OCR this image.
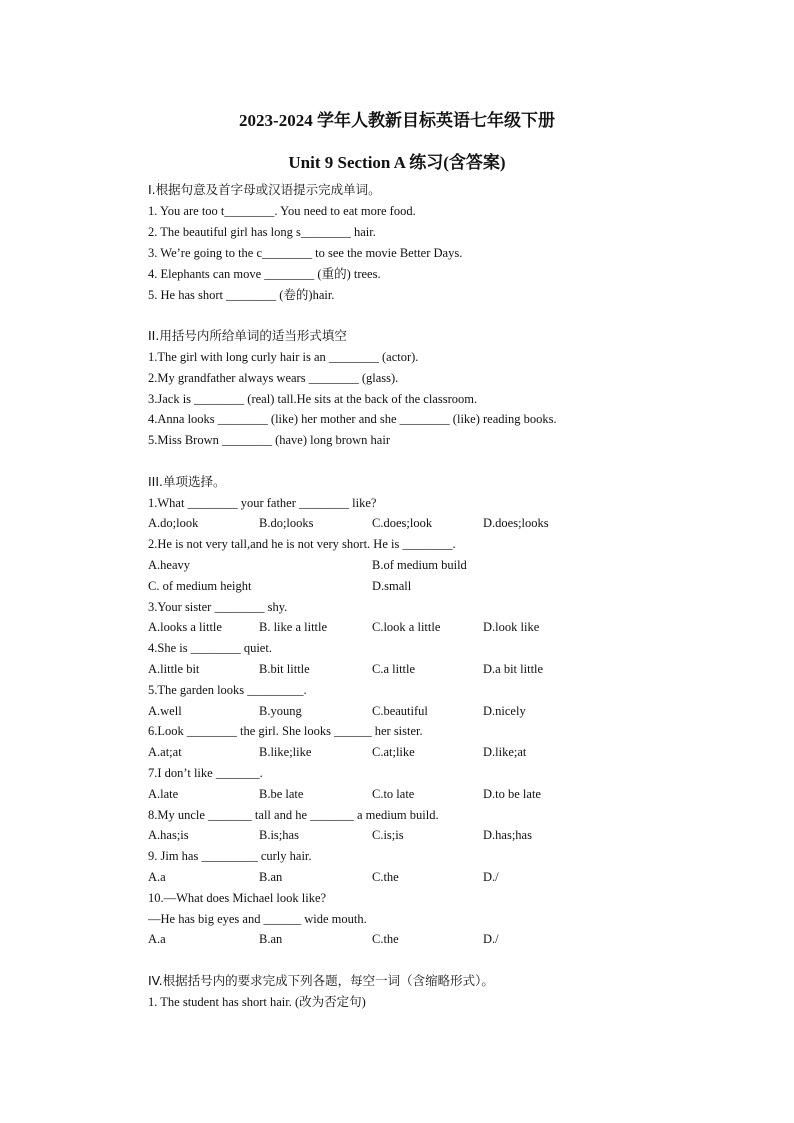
2023-2024 学年人教新目标英语七年级下册
Unit 9 Section A 练习(含答案)
I.根据句意及首字母或汉语提示完成单词。
1. You are too t________. You need to eat more food.
2. The beautiful girl has long s________ hair.
3. We’re going to the c________ to see the movie Better Days.
4. Elephants can move ________ (重的) trees.
5. He has short ________ (卷的)hair.
II.用括号内所给单词的适当形式填空
1.The girl with long curly hair is an ________ (actor).
2.My grandfather always wears ________ (glass).
3.Jack is ________ (real) tall.He sits at the back of the classroom.
4.Anna looks ________ (like) her mother and she ________ (like) reading books.
5.Miss Brown ________ (have) long brown hair
III.单项选择。
1.What ________ your father ________ like?
A.do;look	B.do;looks	C.does;look	D.does;looks
2.He is not very tall,and he is not very short. He is ________.
A.heavy	B.of medium build
C. of medium height	D.small
3.Your sister ________ shy.
A.looks a little	B. like a little	C.look a little	D.look like
4.She is ________ quiet.
A.little bit	B.bit little	C.a little	D.a bit little
5.The garden looks _________.
A.well	B.young	C.beautiful	D.nicely
6.Look ________ the girl. She looks ______ her sister.
A.at;at	B.like;like	C.at;like	D.like;at
7.I don’t like _______.
A.late	B.be late	C.to late	D.to be late
8.My uncle _______ tall and he _______ a medium build.
A.has;is	B.is;has	C.is;is	D.has;has
9. Jim has _________ curly hair.
A.a	B.an	C.the	D./
10.—What does Michael look like?
—He has big eyes and ______ wide mouth.
A.a	B.an	C.the	D./
IV.根据括号内的要求完成下列各题，每空一词（含缩略形式）。
1. The student has short hair. (改为否定句)
